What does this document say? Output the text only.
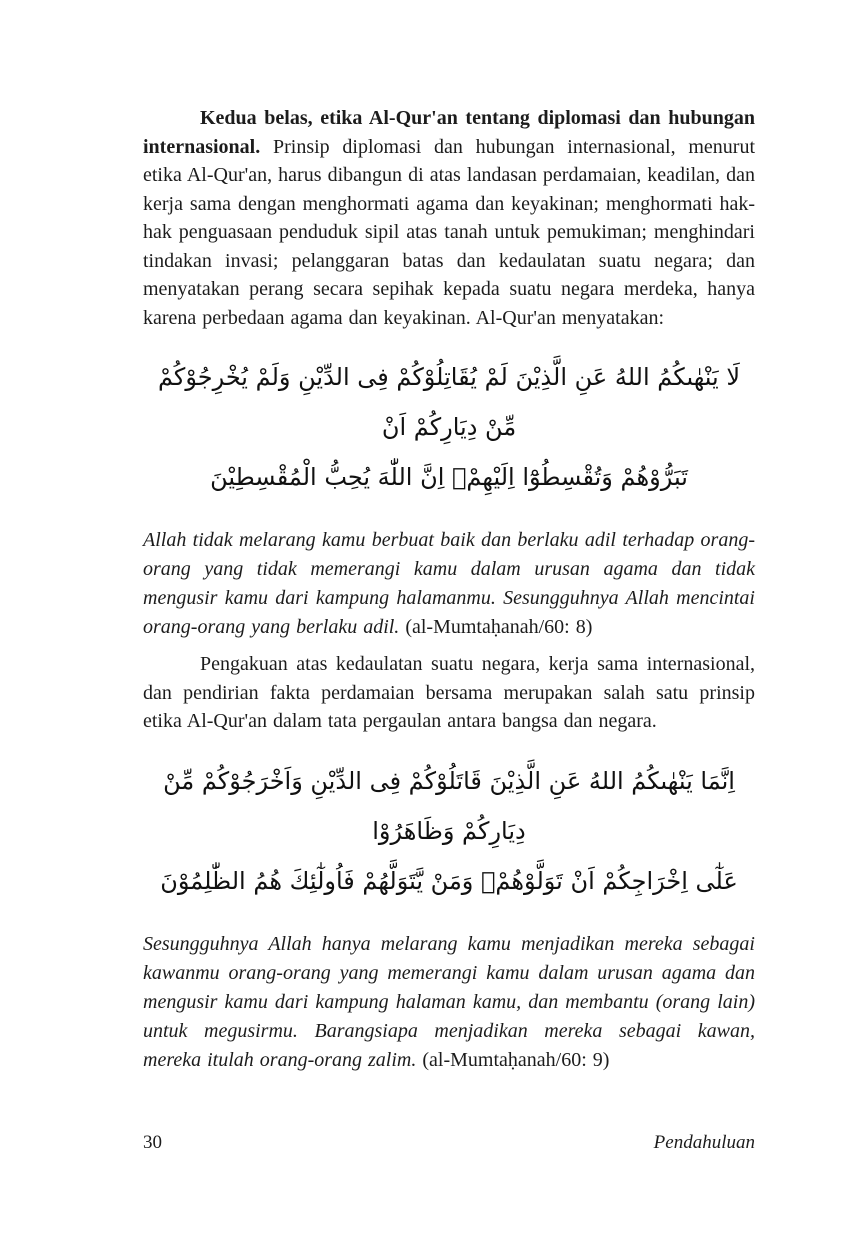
Kedua belas, etika Al-Qur'an tentang diplomasi dan hubungan internasional. Prinsip diplomasi dan hubungan internasional, menurut etika Al-Qur'an, harus dibangun di atas landasan perdamaian, keadilan, dan kerja sama dengan menghormati agama dan keyakinan; menghormati hak-hak penguasaan penduduk sipil atas tanah untuk pemukiman; menghindari tindakan invasi; pelanggaran batas dan kedaulatan suatu negara; dan menyatakan perang secara sepihak kepada suatu negara merdeka, hanya karena perbedaan agama dan keyakinan. Al-Qur'an menyatakan:

لَا يَنْهٰىكُمُ اللهُ عَنِ الَّذِيْنَ لَمْ يُقَاتِلُوْكُمْ فِى الدِّيْنِ وَلَمْ يُخْرِجُوْكُمْ مِّنْ دِيَارِكُمْ اَنْ
تَبَرُّوْهُمْ وَتُقْسِطُوْٓا اِلَيْهِمْۗ اِنَّ اللّٰهَ يُحِبُّ الْمُقْسِطِيْنَ

Allah tidak melarang kamu berbuat baik dan berlaku adil terhadap orang-orang yang tidak memerangi kamu dalam urusan agama dan tidak mengusir kamu dari kampung halamanmu. Sesungguhnya Allah mencintai orang-orang yang berlaku adil. (al-Mumtaḥanah/60: 8)

Pengakuan atas kedaulatan suatu negara, kerja sama internasional, dan pendirian fakta perdamaian bersama merupakan salah satu prinsip etika Al-Qur'an dalam tata pergaulan antara bangsa dan negara.

اِنَّمَا يَنْهٰىكُمُ اللهُ عَنِ الَّذِيْنَ قَاتَلُوْكُمْ فِى الدِّيْنِ وَاَخْرَجُوْكُمْ مِّنْ دِيَارِكُمْ وَظَاهَرُوْا
عَلٰٓى اِخْرَاجِكُمْ اَنْ تَوَلَّوْهُمْۚ وَمَنْ يَّتَوَلَّهُمْ فَاُولٰٓئِكَ هُمُ الظّٰلِمُوْنَ

Sesungguhnya Allah hanya melarang kamu menjadikan mereka sebagai kawanmu orang-orang yang memerangi kamu dalam urusan agama dan mengusir kamu dari kampung halaman kamu, dan membantu (orang lain) untuk megusirmu. Barangsiapa menjadikan mereka sebagai kawan, mereka itulah orang-orang zalim. (al-Mumtaḥanah/60: 9)

30	Pendahuluan
